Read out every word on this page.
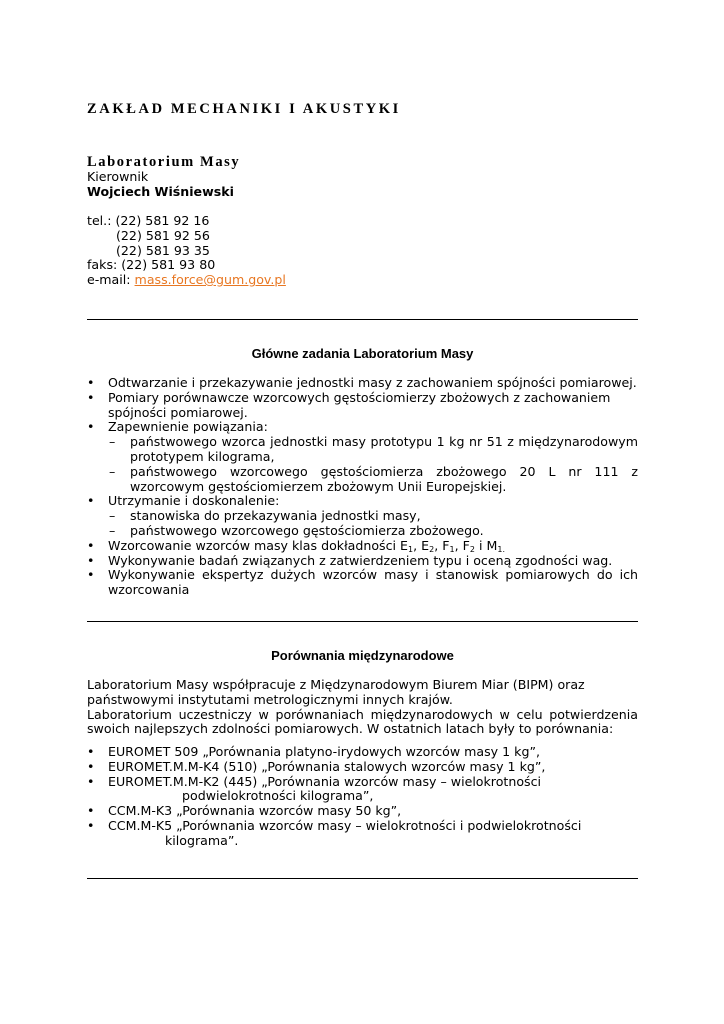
ZAKŁAD MECHANIKI I AKUSTYKI
Laboratorium Masy
Kierownik
Wojciech Wiśniewski
tel.: (22) 581 92 16
(22) 581 92 56
(22) 581 93 35
faks: (22) 581 93 80
e-mail: mass.force@gum.gov.pl
Główne zadania Laboratorium Masy
• Odtwarzanie i przekazywanie jednostki masy z zachowaniem spójności pomiarowej.
• Pomiary porównawcze wzorcowych gęstościomierzy zbożowych z zachowaniem spójności pomiarowej.
• Zapewnienie powiązania:
– państwowego wzorca jednostki masy prototypu 1 kg nr 51 z międzynarodowym prototypem kilograma,
– państwowego wzorcowego gęstościomierza zbożowego 20 L nr 111 z wzorcowym gęstościomierzem zbożowym Unii Europejskiej.
• Utrzymanie i doskonalenie:
– stanowiska do przekazywania jednostki masy,
– państwowego wzorcowego gęstościomierza zbożowego.
• Wzorcowanie wzorców masy klas dokładności $E_1$, $E_2$, $F_1$, $F_2$ i $M_{1.}$
• Wykonywanie badań związanych z zatwierdzeniem typu i oceną zgodności wag.
• Wykonywanie ekspertyz dużych wzorców masy i stanowisk pomiarowych do ich wzorcowania
Porównania międzynarodowe
Laboratorium Masy współpracuje z Międzynarodowym Biurem Miar (BIPM) oraz
państwowymi instytutami metrologicznymi innych krajów.
Laboratorium uczestniczy w porównaniach międzynarodowych w celu potwierdzenia swoich najlepszych zdolności pomiarowych. W ostatnich latach były to porównania:
• EUROMET 509 „Porównania platyno-irydowych wzorców masy 1 kg”,
• EUROMET.M.M-K4 (510) „Porównania stalowych wzorców masy 1 kg”,
• EUROMET.M.M-K2 (445) „Porównania wzorców masy – wielokrotności
podwielokrotności kilograma”,
• CCM.M-K3 „Porównania wzorców masy 50 kg”,
• CCM.M-K5 „Porównania wzorców masy – wielokrotności i podwielokrotności
kilograma”.
